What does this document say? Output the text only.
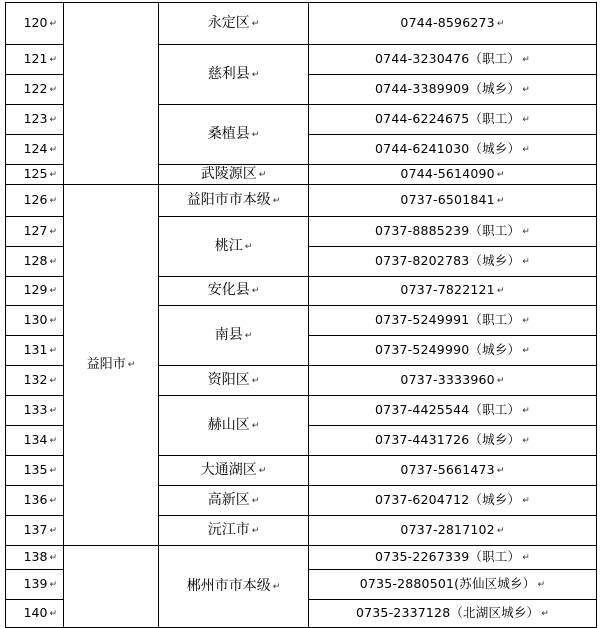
120 ↵		永定区 ↵	0744-8596273 ↵
121 ↵		慈利县 ↵	0744-3230476（职工） ↵
122 ↵			0744-3389909（城乡） ↵
123 ↵		桑植县 ↵	0744-6224675（职工） ↵
124 ↵			0744-6241030（城乡） ↵
125 ↵		武陵源区 ↵	0744-5614090 ↵
126 ↵	益阳市 ↵	益阳市市本级 ↵	0737-6501841 ↵
127 ↵		桃江 ↵	0737-8885239（职工） ↵
128 ↵			0737-8202783（城乡） ↵
129 ↵		安化县 ↵	0737-7822121 ↵
130 ↵		南县 ↵	0737-5249991（职工） ↵
131 ↵			0737-5249990（城乡） ↵
132 ↵		资阳区 ↵	0737-3333960 ↵
133 ↵		赫山区 ↵	0737-4425544（职工） ↵
134 ↵			0737-4431726（城乡） ↵
135 ↵		大通湖区 ↵	0737-5661473 ↵
136 ↵		高新区 ↵	0737-6204712（城乡） ↵
137 ↵		沅江市 ↵	0737-2817102 ↵
138 ↵		郴州市市本级 ↵	0735-2267339（职工） ↵
139 ↵			0735-2880501(苏仙区城乡） ↵
140 ↵			0735-2337128（北湖区城乡） ↵
